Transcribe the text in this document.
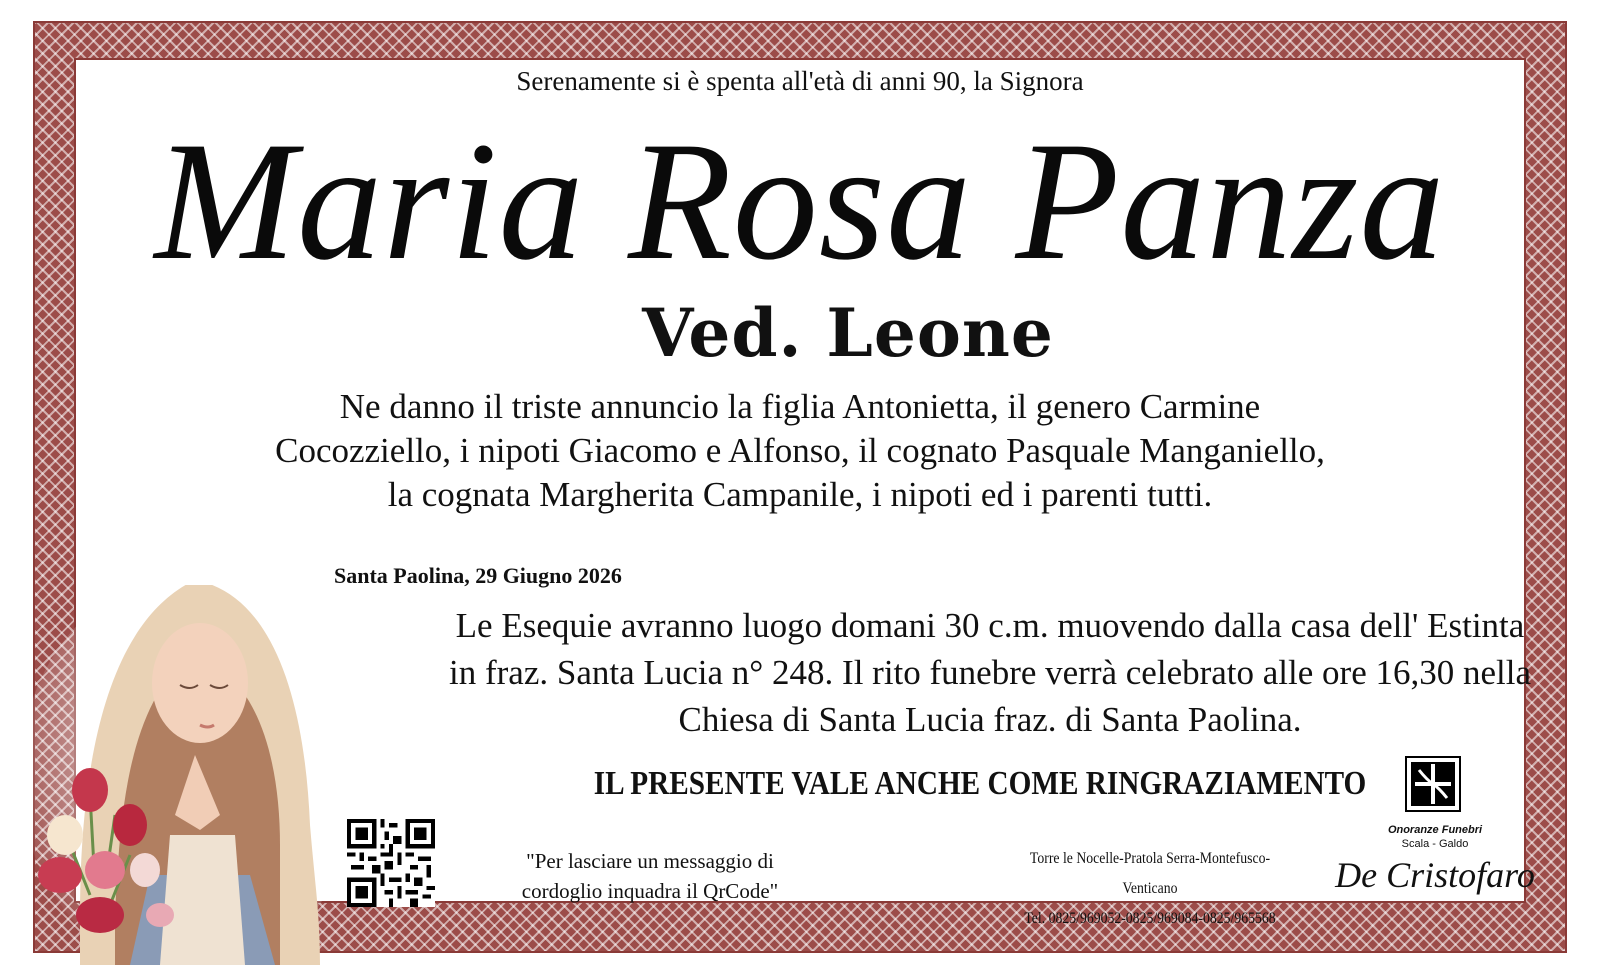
Serenamente si è spenta all'età di anni 90, la Signora
Maria Rosa Panza
Ved. Leone
Ne danno il triste annuncio la figlia Antonietta, il genero Carmine
Cocozziello, i nipoti Giacomo e Alfonso, il cognato Pasquale Manganiello,
la cognata Margherita Campanile, i nipoti ed i parenti tutti.
Santa Paolina, 29 Giugno 2026
Le Esequie avranno luogo domani 30 c.m. muovendo dalla casa dell' Estinta
in fraz. Santa Lucia n° 248. Il rito funebre verrà celebrato alle ore 16,30 nella
Chiesa di Santa Lucia fraz. di Santa Paolina.
IL PRESENTE VALE ANCHE COME RINGRAZIAMENTO
"Per lasciare un messaggio di
cordoglio inquadra il QrCode"
Torre le Nocelle-Pratola Serra-Montefusco-Venticano
Tel. 0825/969052-0825/969084-0825/965568
Onoranze Funebri
Scala - Galdo
De Cristofaro
